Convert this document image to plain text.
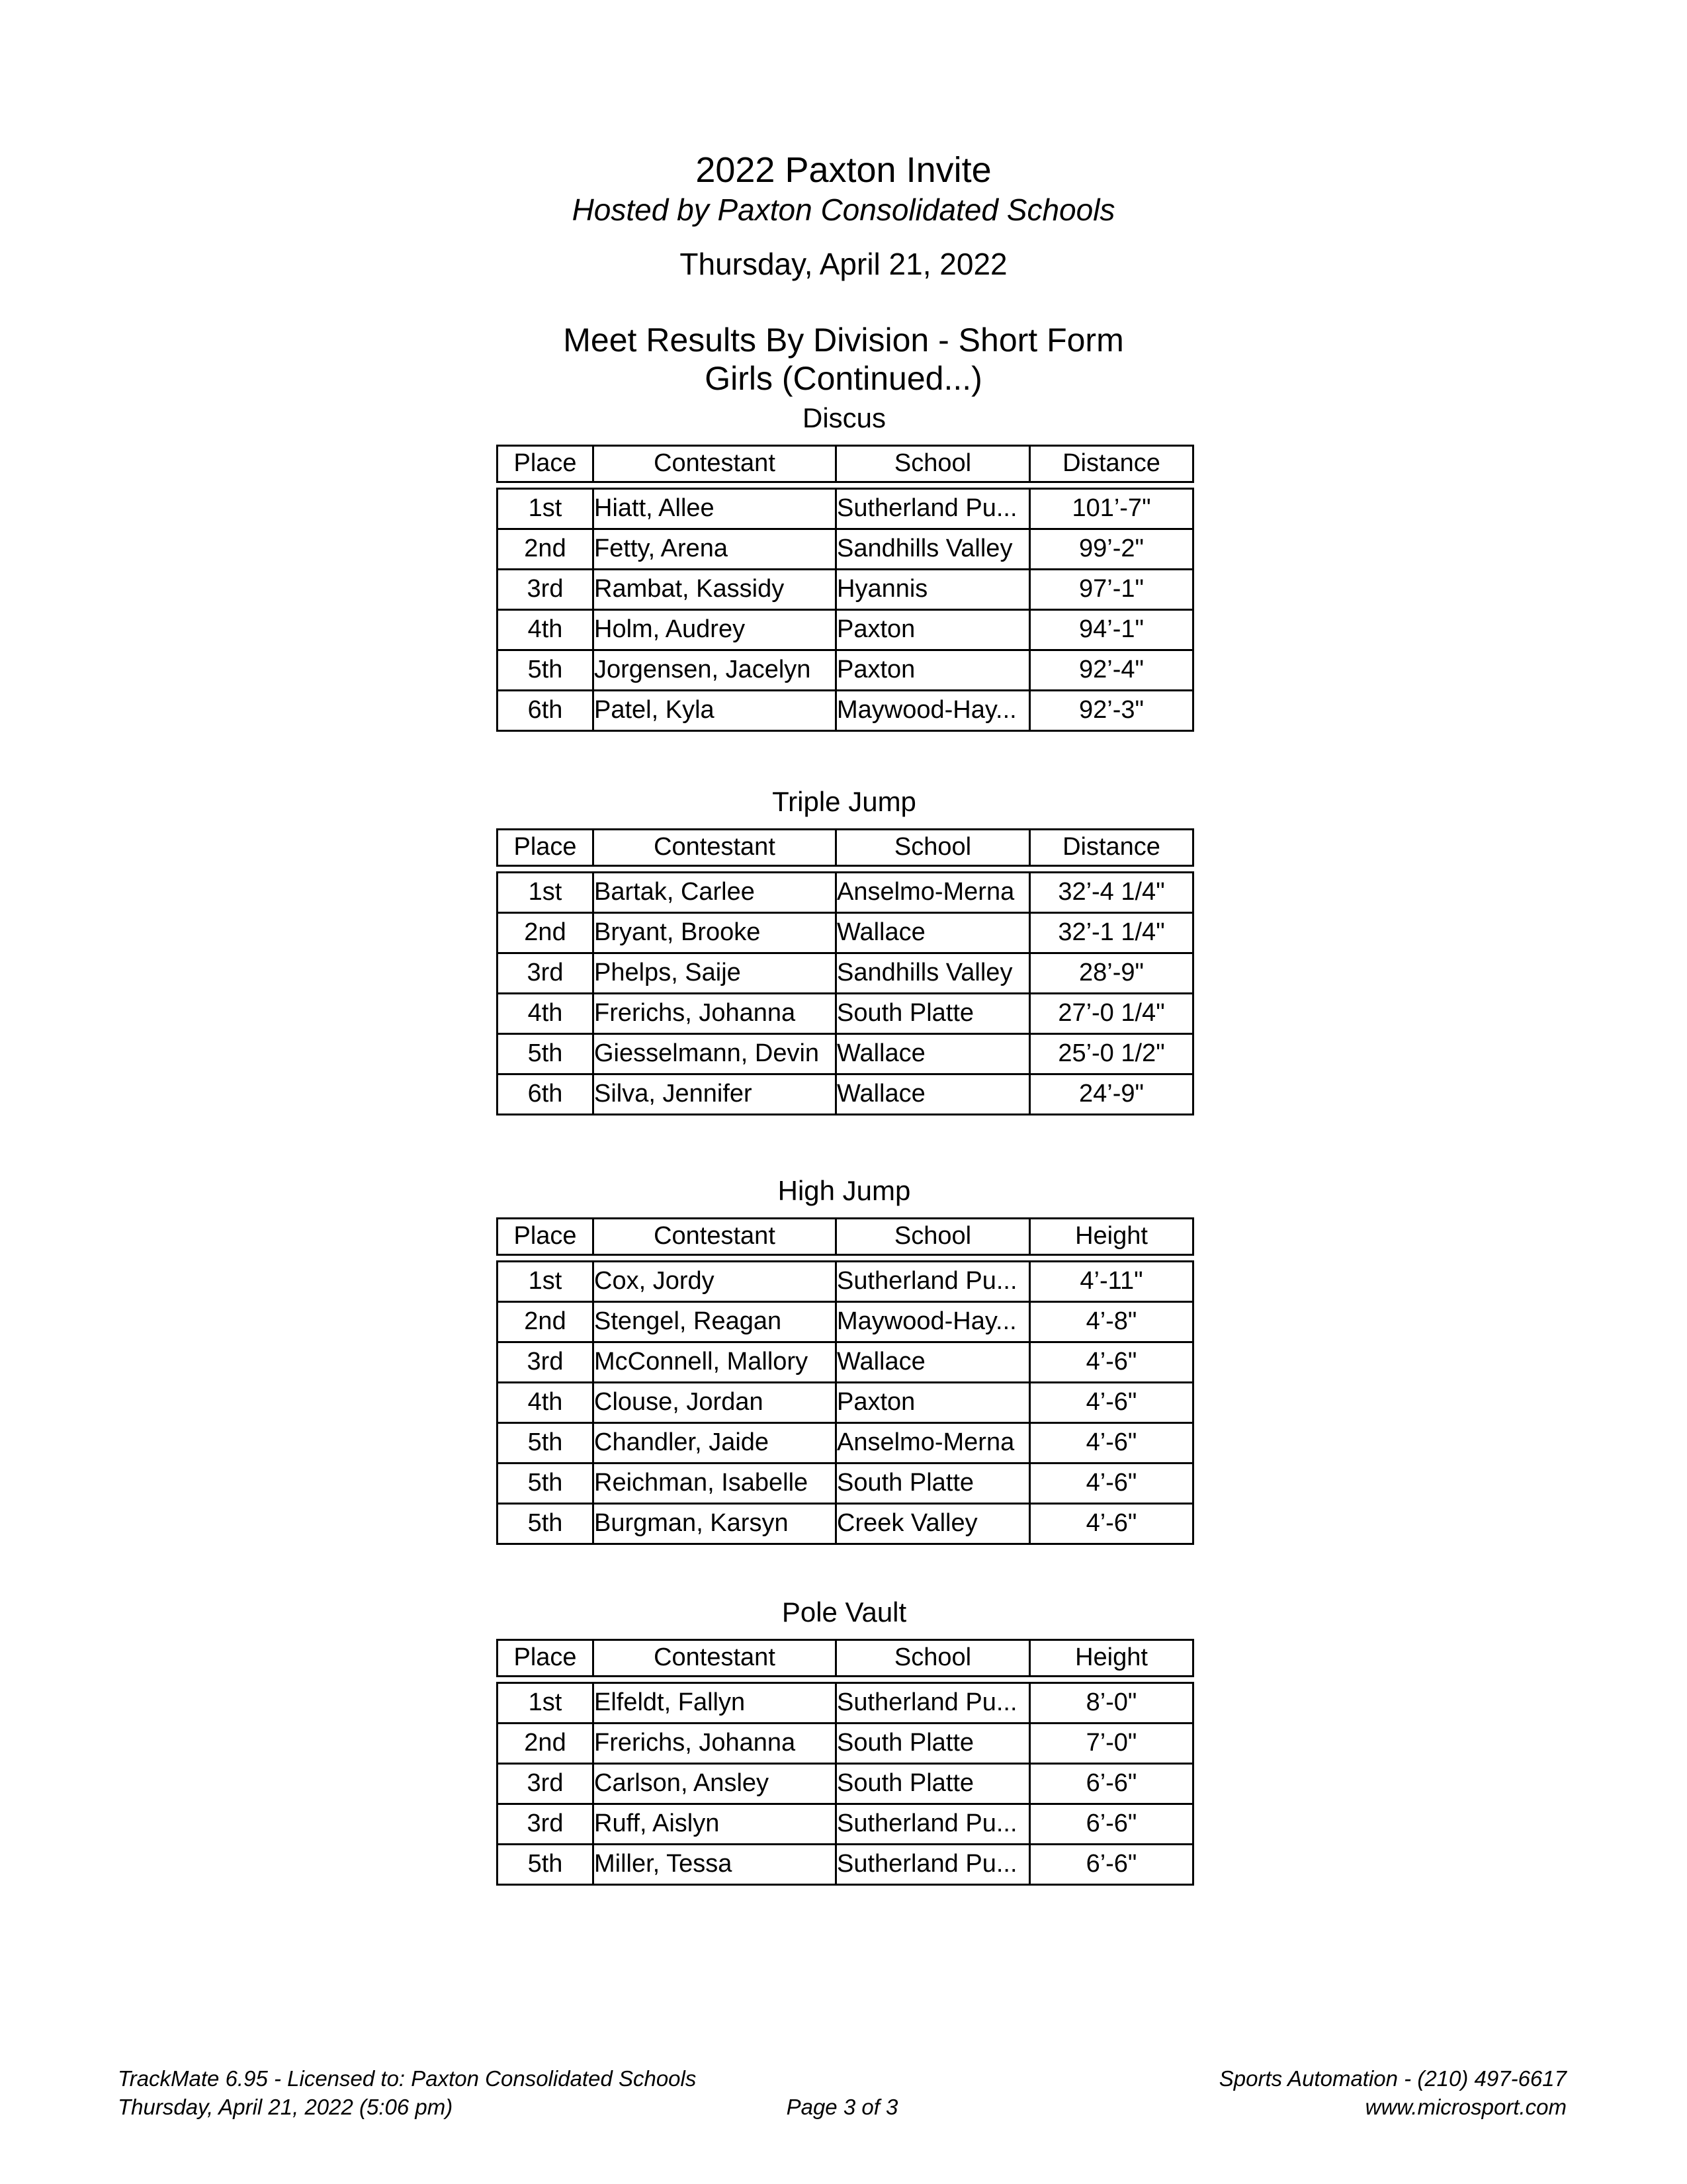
2022 Paxton Invite
Hosted by Paxton Consolidated Schools
Thursday, April 21, 2022
Meet Results By Division - Short Form
Girls (Continued...)
Discus
Place	Contestant	School	Distance
1st	Hiatt, Allee	Sutherland Pu...	101’-7"
2nd	Fetty, Arena	Sandhills Valley	99’-2"
3rd	Rambat, Kassidy	Hyannis	97’-1"
4th	Holm, Audrey	Paxton	94’-1"
5th	Jorgensen, Jacelyn	Paxton	92’-4"
6th	Patel, Kyla	Maywood-Hay...	92’-3"
Triple Jump
Place	Contestant	School	Distance
1st	Bartak, Carlee	Anselmo-Merna	32’-4 1/4"
2nd	Bryant, Brooke	Wallace	32’-1 1/4"
3rd	Phelps, Saije	Sandhills Valley	28’-9"
4th	Frerichs, Johanna	South Platte	27’-0 1/4"
5th	Giesselmann, Devin	Wallace	25’-0 1/2"
6th	Silva, Jennifer	Wallace	24’-9"
High Jump
Place	Contestant	School	Height
1st	Cox, Jordy	Sutherland Pu...	4’-11"
2nd	Stengel, Reagan	Maywood-Hay...	4’-8"
3rd	McConnell, Mallory	Wallace	4’-6"
4th	Clouse, Jordan	Paxton	4’-6"
5th	Chandler, Jaide	Anselmo-Merna	4’-6"
5th	Reichman, Isabelle	South Platte	4’-6"
5th	Burgman, Karsyn	Creek Valley	4’-6"
Pole Vault
Place	Contestant	School	Height
1st	Elfeldt, Fallyn	Sutherland Pu...	8’-0"
2nd	Frerichs, Johanna	South Platte	7’-0"
3rd	Carlson, Ansley	South Platte	6’-6"
3rd	Ruff, Aislyn	Sutherland Pu...	6’-6"
5th	Miller, Tessa	Sutherland Pu...	6’-6"
TrackMate 6.95 - Licensed to: Paxton Consolidated Schools	Sports Automation - (210) 497-6617
Thursday, April 21, 2022 (5:06 pm)	Page 3 of 3	www.microsport.com
